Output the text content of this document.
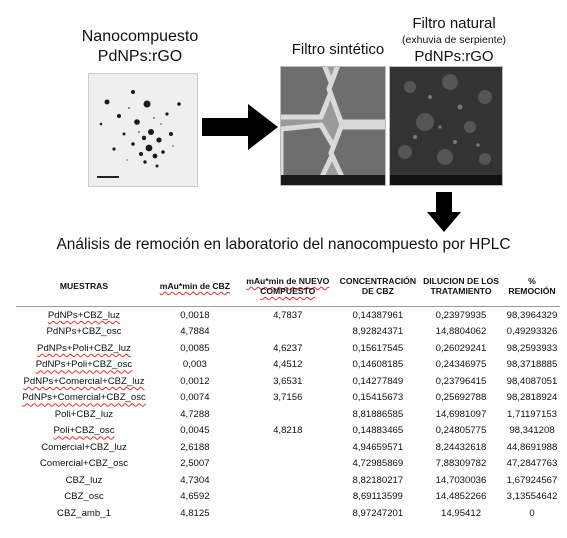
Nanocompuesto
PdNPs:rGO	Filtro sintético
Filtro natural
(exhuvia de serpiente)
PdNPs:rGO
Análisis de remoción en laboratorio del nanocompuesto por HPLC
MUESTRAS	mAu*min de CBZ	mAu*min de NUEVO COMPUESTO	CONCENTRACIÓN DE CBZ	DILUCION DE LOS TRATAMIENTO	% REMOCIÓN
PdNPs+CBZ_luz	0,0018	4,7837	0,14387961	0,23979935	98,3964329
PdNPs+CBZ_osc	4,7884		8,92824371	14,8804062	0,49293326
PdNPs+Poli+CBZ_luz	0,0085	4,6237	0,15617545	0,26029241	98,2593933
PdNPs+Poli+CBZ_osc	0,003	4,4512	0,14608185	0,24346975	98,3718885
PdNPs+Comercial+CBZ_luz	0,0012	3,6531	0,14277849	0,23796415	98,4087051
PdNPs+Comercial+CBZ_osc	0,0074	3,7156	0,15415673	0,25692788	98,2818924
Poli+CBZ_luz	4,7288		8,81886585	14,6981097	1,71197153
Poli+CBZ_osc	0,0045	4,8218	0,14883465	0,24805775	98,341208
Comercial+CBZ_luz	2,6188		4,94659571	8,24432618	44,8691988
Comercial+CBZ_osc	2,5007		4,72985869	7,88309782	47,2847763
CBZ_luz	4,7304		8,82180217	14,7030036	1,67924567
CBZ_osc	4,6592		8,69113599	14,4852266	3,13554642
CBZ_amb_1	4,8125		8,97247201	14,95412	0
